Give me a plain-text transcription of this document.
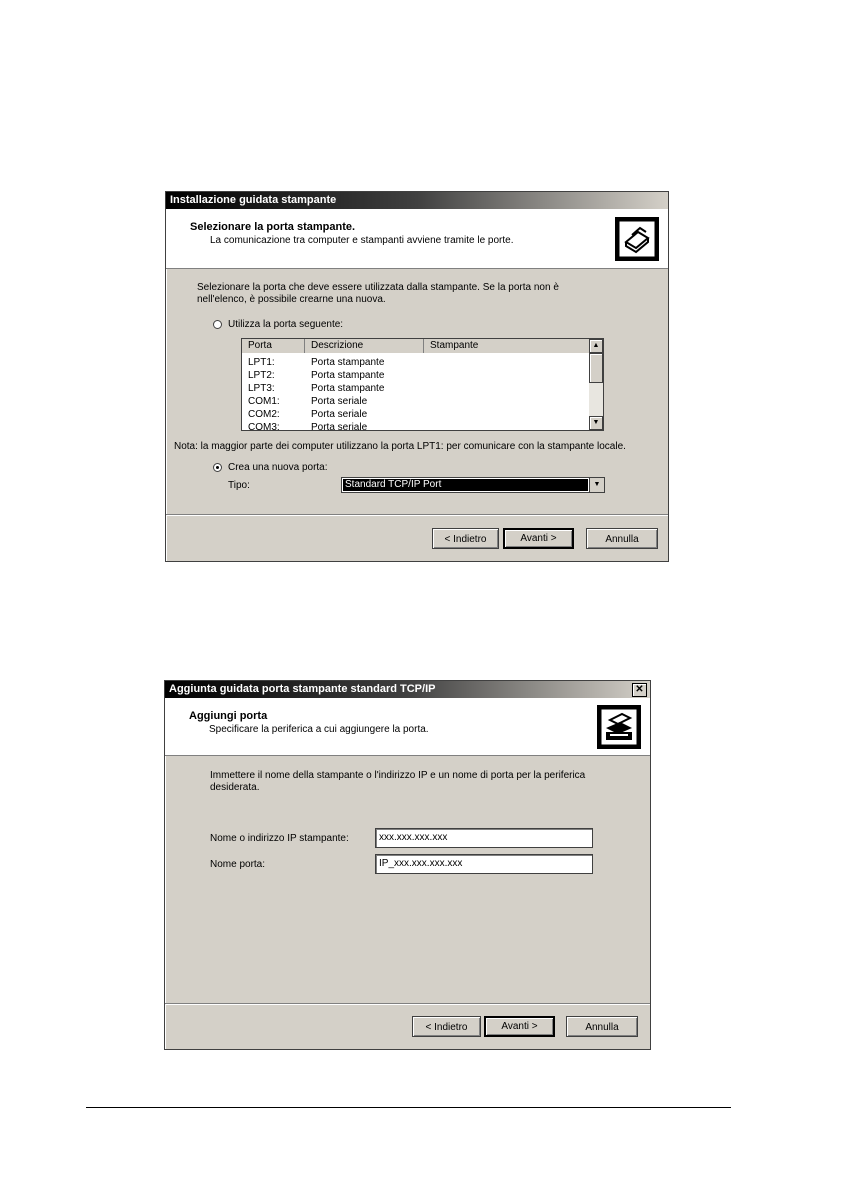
Installazione guidata stampante
Selezionare la porta stampante.
La comunicazione tra computer e stampanti avviene tramite le porte.
Selezionare la porta che deve essere utilizzata dalla stampante. Se la porta non è nell'elenco, è possibile crearne una nuova.
Utilizza la porta seguente:
Porta	Descrizione	Stampante
LPT1:	Porta stampante
LPT2:	Porta stampante
LPT3:	Porta stampante
COM1:	Porta seriale
COM2:	Porta seriale
COM3:	Porta seriale
▲
▼
Nota: la maggior parte dei computer utilizzano la porta LPT1: per comunicare con la stampante locale.
Crea una nuova porta:
Tipo:	Standard TCP/IP Port	▼
< Indietro	Avanti >	Annulla
Aggiunta guidata porta stampante standard TCP/IP	✕
Aggiungi porta
Specificare la periferica a cui aggiungere la porta.
Immettere il nome della stampante o l'indirizzo IP e un nome di porta per la periferica desiderata.
Nome o indirizzo IP stampante:	xxx.xxx.xxx.xxx
Nome porta:	IP_xxx.xxx.xxx.xxx
< Indietro	Avanti >	Annulla
